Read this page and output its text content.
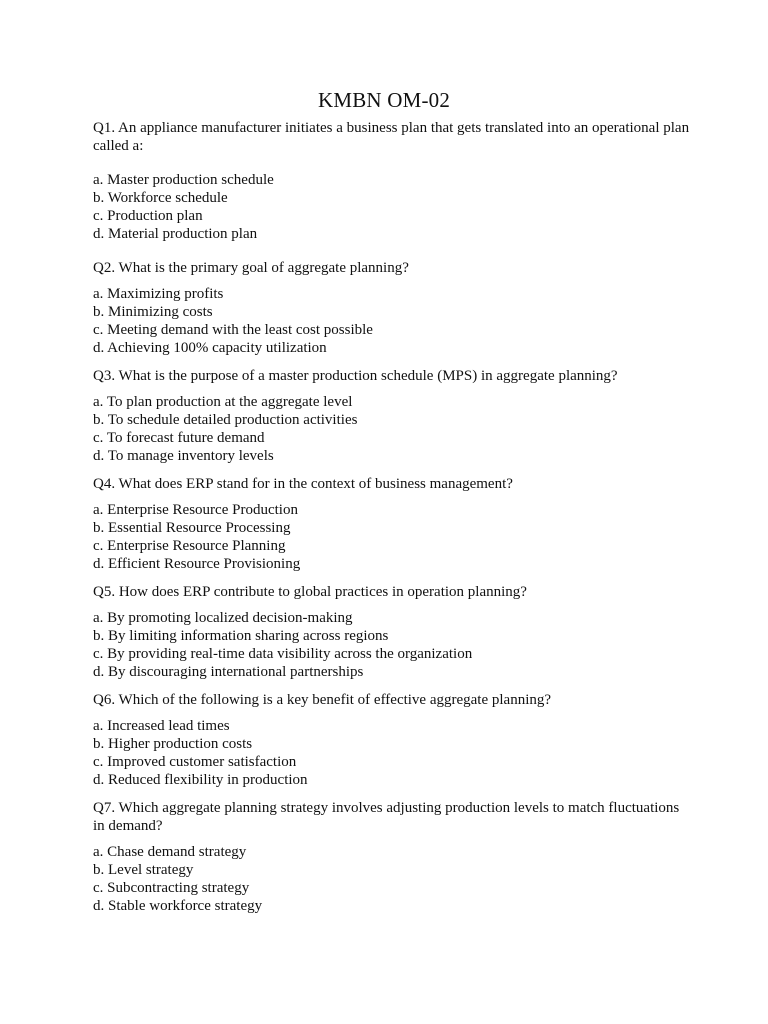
KMBN OM-02
Q1. An appliance manufacturer initiates a business plan that gets translated into an operational plan called a:
a. Master production schedule
b. Workforce schedule
c. Production plan
d. Material production plan
Q2. What is the primary goal of aggregate planning?
a. Maximizing profits
b. Minimizing costs
c. Meeting demand with the least cost possible
d. Achieving 100% capacity utilization
Q3. What is the purpose of a master production schedule (MPS) in aggregate planning?
a. To plan production at the aggregate level
b. To schedule detailed production activities
c. To forecast future demand
d. To manage inventory levels
Q4. What does ERP stand for in the context of business management?
a. Enterprise Resource Production
b. Essential Resource Processing
c. Enterprise Resource Planning
d. Efficient Resource Provisioning
Q5. How does ERP contribute to global practices in operation planning?
a. By promoting localized decision-making
b. By limiting information sharing across regions
c. By providing real-time data visibility across the organization
d. By discouraging international partnerships
Q6. Which of the following is a key benefit of effective aggregate planning?
a. Increased lead times
b. Higher production costs
c. Improved customer satisfaction
d. Reduced flexibility in production
Q7. Which aggregate planning strategy involves adjusting production levels to match fluctuations in demand?
a. Chase demand strategy
b. Level strategy
c. Subcontracting strategy
d. Stable workforce strategy
